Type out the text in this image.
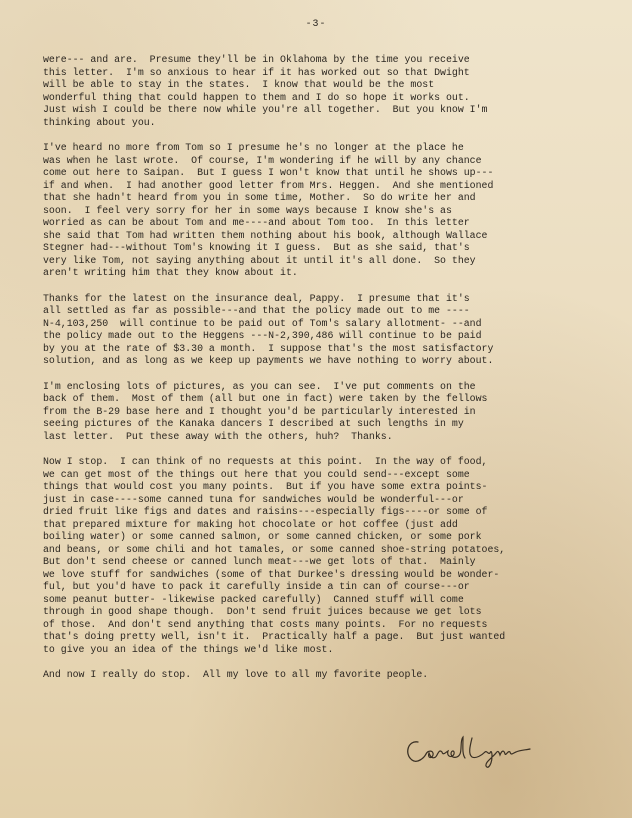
-3-
were--- and are.  Presume they'll be in Oklahoma by the time you receive
this letter.  I'm so anxious to hear if it has worked out so that Dwight
will be able to stay in the states.  I know that would be the most
wonderful thing that could happen to them and I do so hope it works out.
Just wish I could be there now while you're all together.  But you know I'm
thinking about you.
I've heard no more from Tom so I presume he's no longer at the place he
was when he last wrote.  Of course, I'm wondering if he will by any chance
come out here to Saipan.  But I guess I won't know that until he shows up---
if and when.  I had another good letter from Mrs. Heggen.  And she mentioned
that she hadn't heard from you in some time, Mother.  So do write her and
soon.  I feel very sorry for her in some ways because I know she's as
worried as can be about Tom and me----and about Tom too.  In this letter
she said that Tom had written them nothing about his book, although Wallace
Stegner had---without Tom's knowing it I guess.  But as she said, that's
very like Tom, not saying anything about it until it's all done.  So they
aren't writing him that they know about it.
Thanks for the latest on the insurance deal, Pappy.  I presume that it's
all settled as far as possible---and that the policy made out to me ----
N-4,103,250  will continue to be paid out of Tom's salary allotment- --and
the policy made out to the Heggens ---N-2,390,486 will continue to be paid
by you at the rate of $3.30 a month.  I suppose that's the most satisfactory
solution, and as long as we keep up payments we have nothing to worry about.
I'm enclosing lots of pictures, as you can see.  I've put comments on the
back of them.  Most of them (all but one in fact) were taken by the fellows
from the B-29 base here and I thought you'd be particularly interested in
seeing pictures of the Kanaka dancers I described at such lengths in my
last letter.  Put these away with the others, huh?  Thanks.
Now I stop.  I can think of no requests at this point.  In the way of food,
we can get most of the things out here that you could send---except some
things that would cost you many points.  But if you have some extra points-
just in case----some canned tuna for sandwiches would be wonderful---or
dried fruit like figs and dates and raisins---especially figs----or some of
that prepared mixture for making hot chocolate or hot coffee (just add
boiling water) or some canned salmon, or some canned chicken, or some pork
and beans, or some chili and hot tamales, or some canned shoe-string potatoes,
But don't send cheese or canned lunch meat---we get lots of that.  Mainly
we love stuff for sandwiches (some of that Durkee's dressing would be wonder-
ful, but you'd have to pack it carefully inside a tin can of course---or
some peanut butter- -likewise packed carefully)  Canned stuff will come
through in good shape though.  Don't send fruit juices because we get lots
of those.  And don't send anything that costs many points.  For no requests
that's doing pretty well, isn't it.  Practically half a page.  But just wanted
to give you an idea of the things we'd like most.
And now I really do stop.  All my love to all my favorite people.
